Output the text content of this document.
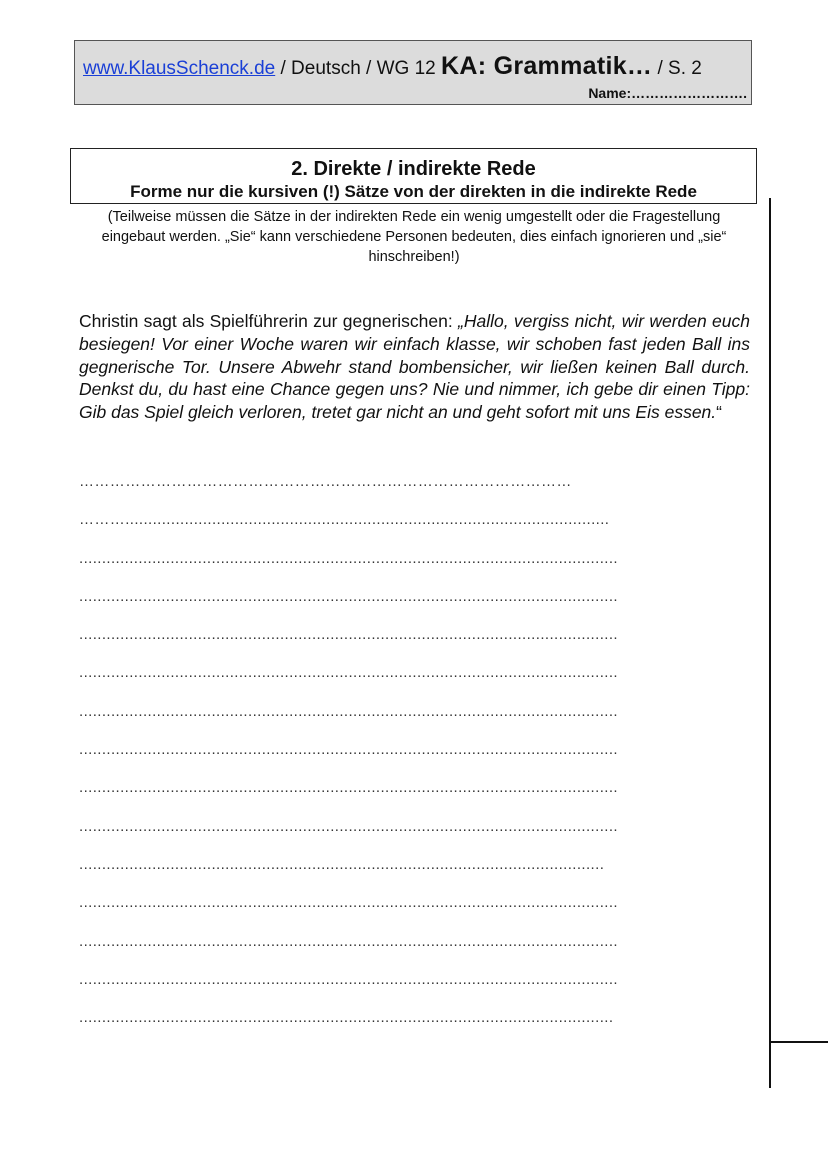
www.KlausSchenck.de / Deutsch / WG 12 KA: Grammatik… / S. 2
Name:…………………….
2. Direkte / indirekte Rede
Forme nur die kursiven (!) Sätze von der direkten in die indirekte Rede
(Teilweise müssen die Sätze in der indirekten Rede ein wenig umgestellt oder die Fragestellung eingebaut werden. „Sie“ kann verschiedene Personen bedeuten, dies einfach ignorieren und „sie“ hinschreiben!)
Christin sagt als Spielführerin zur gegnerischen: „Hallo, vergiss nicht, wir werden euch besiegen! Vor einer Woche waren wir einfach klasse, wir schoben fast jeden Ball ins gegnerische Tor. Unsere Abwehr stand bombensicher, wir ließen keinen Ball durch. Denkst du, du hast eine Chance gegen uns? Nie und nimmer, ich gebe dir einen Tipp: Gib das Spiel gleich verloren, tretet gar nicht an und geht sofort mit uns Eis essen.“
……………………………………………………………………………………
………..........................................................................................................
......................................................................................................................
......................................................................................................................
......................................................................................................................
......................................................................................................................
......................................................................................................................
......................................................................................................................
......................................................................................................................
......................................................................................................................
...................................................................................................................
......................................................................................................................
......................................................................................................................
......................................................................................................................
.....................................................................................................................
